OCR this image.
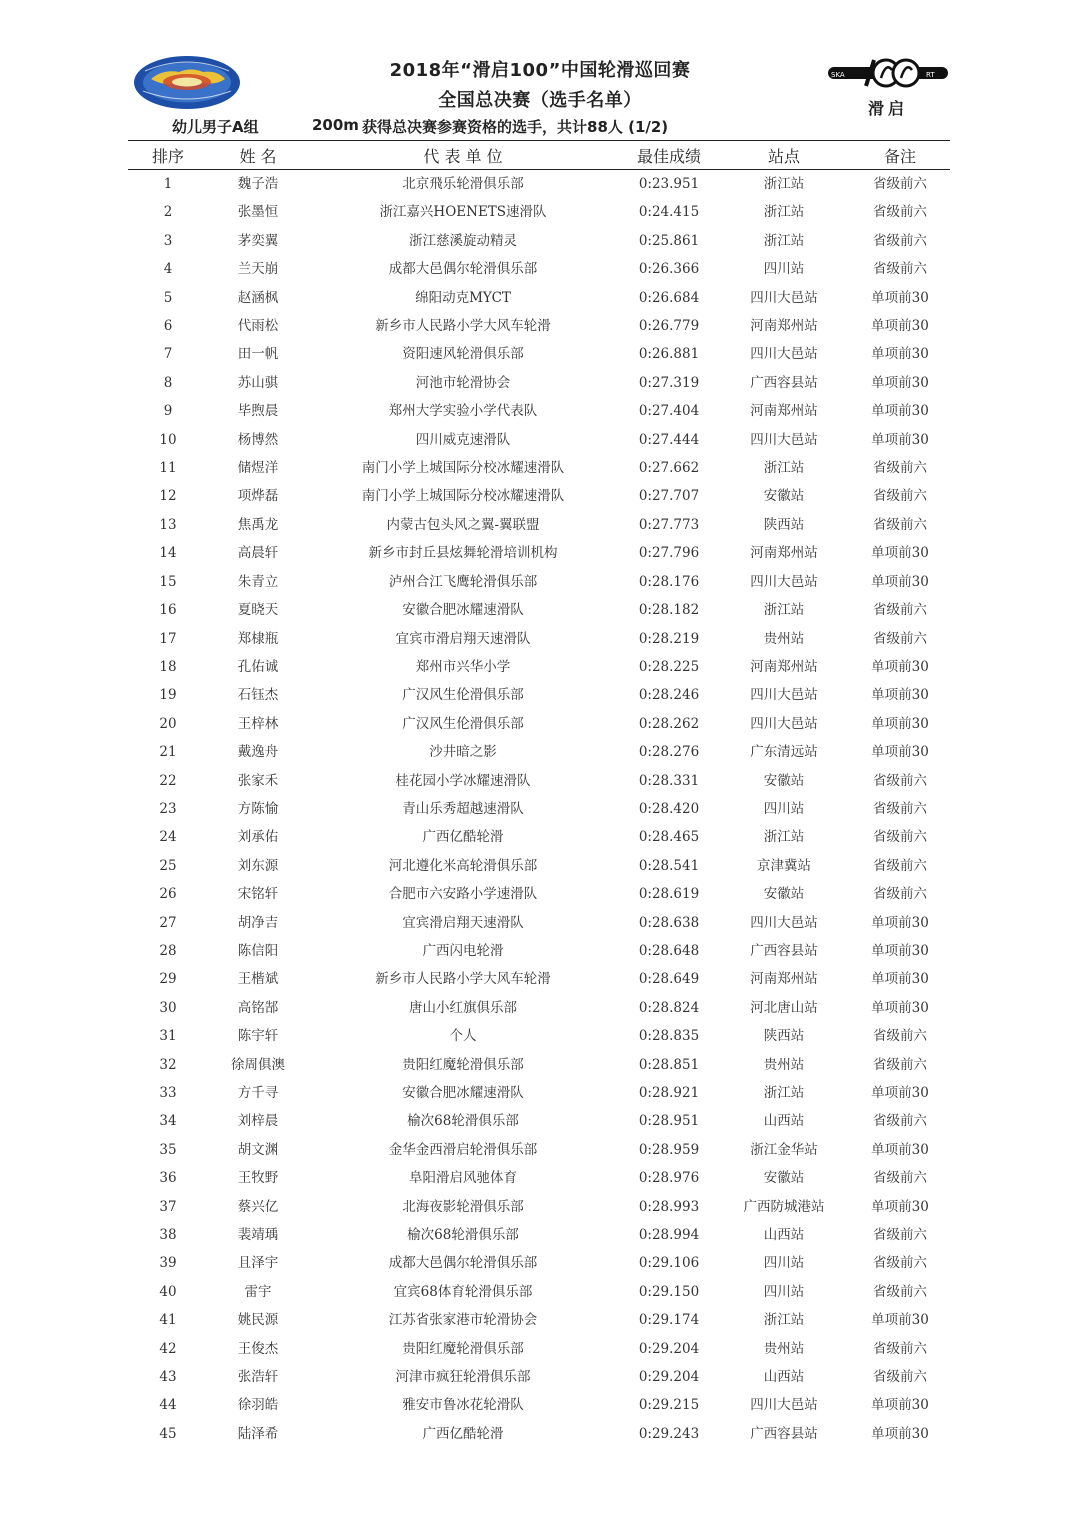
SKA	RT
滑启
2018年“滑启100”中国轮滑巡回赛
全国总决赛（选手名单）
幼儿男子A组	200m 获得总决赛参赛资格的选手，共计88人 (1/2)
排序	姓 名	代 表 单 位	最佳成绩	站点	备注
1	魏子浩	北京飛乐轮滑俱乐部	0:23.951	浙江站	省级前六
2	张墨恒	浙江嘉兴HOENETS速滑队	0:24.415	浙江站	省级前六
3	茅奕翼	浙江慈溪旋动精灵	0:25.861	浙江站	省级前六
4	兰天崩	成都大邑偶尔轮滑俱乐部	0:26.366	四川站	省级前六
5	赵涵枫	绵阳动克MYCT	0:26.684	四川大邑站	单项前30
6	代雨松	新乡市人民路小学大风车轮滑	0:26.779	河南郑州站	单项前30
7	田一帆	资阳速风轮滑俱乐部	0:26.881	四川大邑站	单项前30
8	苏山骐	河池市轮滑协会	0:27.319	广西容县站	单项前30
9	毕煦晨	郑州大学实验小学代表队	0:27.404	河南郑州站	单项前30
10	杨博然	四川威克速滑队	0:27.444	四川大邑站	单项前30
11	储煜洋	南门小学上城国际分校冰耀速滑队	0:27.662	浙江站	省级前六
12	项烨磊	南门小学上城国际分校冰耀速滑队	0:27.707	安徽站	省级前六
13	焦禹龙	内蒙古包头风之翼-翼联盟	0:27.773	陕西站	省级前六
14	高晨轩	新乡市封丘县炫舞轮滑培训机构	0:27.796	河南郑州站	单项前30
15	朱青立	泸州合江飞鹰轮滑俱乐部	0:28.176	四川大邑站	单项前30
16	夏晓天	安徽合肥冰耀速滑队	0:28.182	浙江站	省级前六
17	郑棣瓶	宜宾市滑启翔天速滑队	0:28.219	贵州站	省级前六
18	孔佑诚	郑州市兴华小学	0:28.225	河南郑州站	单项前30
19	石钰杰	广汉风生伦滑俱乐部	0:28.246	四川大邑站	单项前30
20	王梓林	广汉风生伦滑俱乐部	0:28.262	四川大邑站	单项前30
21	戴逸舟	沙井暗之影	0:28.276	广东清远站	单项前30
22	张家禾	桂花园小学冰耀速滑队	0:28.331	安徽站	省级前六
23	方陈愉	青山乐秀超越速滑队	0:28.420	四川站	省级前六
24	刘承佑	广西亿酷轮滑	0:28.465	浙江站	省级前六
25	刘东源	河北遵化米高轮滑俱乐部	0:28.541	京津冀站	省级前六
26	宋铭轩	合肥市六安路小学速滑队	0:28.619	安徽站	省级前六
27	胡净吉	宜宾滑启翔天速滑队	0:28.638	四川大邑站	单项前30
28	陈信阳	广西闪电轮滑	0:28.648	广西容县站	单项前30
29	王楷斌	新乡市人民路小学大风车轮滑	0:28.649	河南郑州站	单项前30
30	高铭郜	唐山小红旗俱乐部	0:28.824	河北唐山站	单项前30
31	陈宇轩	个人	0:28.835	陕西站	省级前六
32	徐周俱澳	贵阳红魔轮滑俱乐部	0:28.851	贵州站	省级前六
33	方千寻	安徽合肥冰耀速滑队	0:28.921	浙江站	单项前30
34	刘梓晨	榆次68轮滑俱乐部	0:28.951	山西站	省级前六
35	胡文渊	金华金西滑启轮滑俱乐部	0:28.959	浙江金华站	单项前30
36	王牧野	阜阳滑启风驰体育	0:28.976	安徽站	省级前六
37	蔡兴亿	北海夜影轮滑俱乐部	0:28.993	广西防城港站	单项前30
38	裴靖瑀	榆次68轮滑俱乐部	0:28.994	山西站	省级前六
39	且泽宇	成都大邑偶尔轮滑俱乐部	0:29.106	四川站	省级前六
40	雷宇	宜宾68体育轮滑俱乐部	0:29.150	四川站	省级前六
41	姚民源	江苏省张家港市轮滑协会	0:29.174	浙江站	单项前30
42	王俊杰	贵阳红魔轮滑俱乐部	0:29.204	贵州站	省级前六
43	张浩轩	河津市疯狂轮滑俱乐部	0:29.204	山西站	省级前六
44	徐羽皓	雅安市鲁冰花轮滑队	0:29.215	四川大邑站	单项前30
45	陆泽希	广西亿酷轮滑	0:29.243	广西容县站	单项前30
